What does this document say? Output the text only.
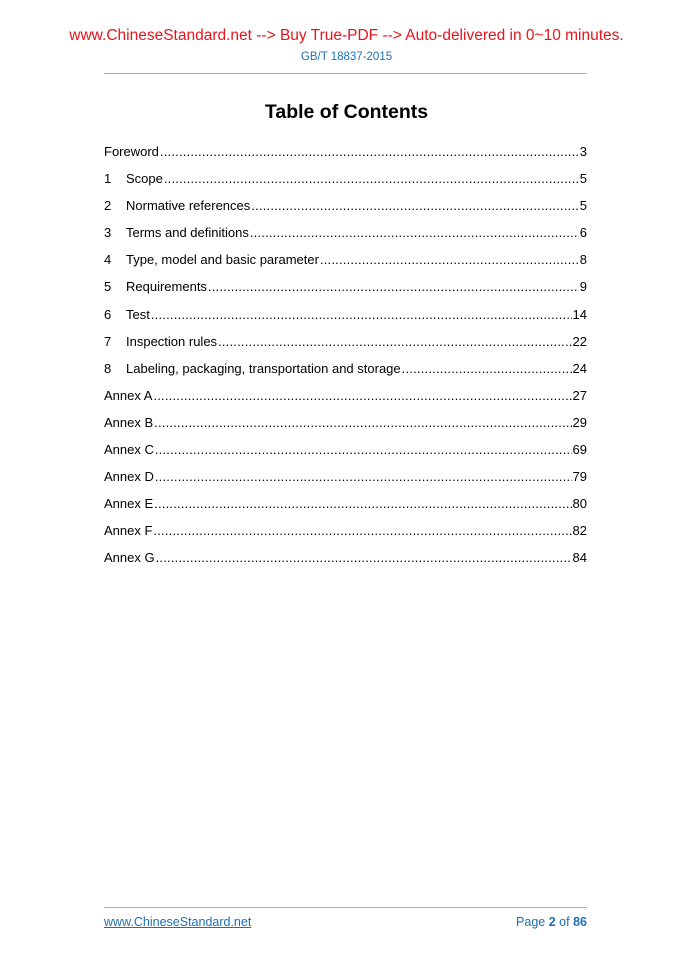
www.ChineseStandard.net --> Buy True-PDF --> Auto-delivered in 0~10 minutes.
GB/T 18837-2015
Table of Contents
Foreword .....	3
1	Scope .....	5
2	Normative references .....	5
3	Terms and definitions .....	6
4	Type, model and basic parameter .....	8
5	Requirements .....	9
6	Test .....	14
7	Inspection rules .....	22
8	Labeling, packaging, transportation and storage .....	24
Annex A .....	27
Annex B .....	29
Annex C .....	69
Annex D .....	79
Annex E .....	80
Annex F .....	82
Annex G .....	84
www.ChineseStandard.net	Page 2 of 86
